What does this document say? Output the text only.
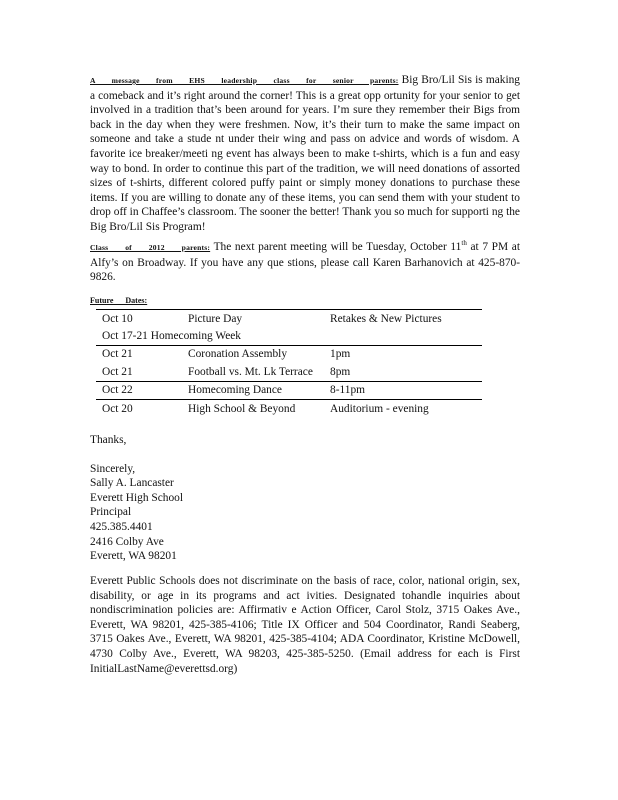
A message from EHS leadership class for senior parents: Big Bro/Lil Sis is making a comeback and it’s right around the corner! This is a great opp ortunity for your senior to get involved in a tradition that’s been around for years. I’m sure they remember their Bigs from back in the day when they were freshmen. Now, it’s their turn to make the same impact on someone and take a stude nt under their wing and pass on advice and words of wisdom. A favorite ice breaker/meeti ng event has always been to make t-shirts, which is a fun and easy way to bond. In order to continue this part of the tradition, we will need donations of assorted sizes of t-shirts, different colored puffy paint or simply money donations to purchase these items. If you are willing to donate any of these items, you can send them with your student to drop off in Chaffee’s classroom. The sooner the better! Thank you so much for supporti ng the Big Bro/Lil Sis Program!
Class of 2012 parents: The next parent meeting will be Tuesday, October 11th at 7 PM at Alfy’s on Broadway. If you have any que stions, please call Karen Barhanovich at 425-870-9826.
Future Dates:
Oct 10	Picture Day	Retakes & New Pictures
Oct 17-21 Homecoming Week		
Oct 21	Coronation Assembly	1pm
Oct 21	Football vs. Mt. Lk Terrace	8pm
Oct 22	Homecoming Dance	8-11pm
Oct 20	High School & Beyond	Auditorium - evening
Thanks,
Sincerely,
Sally A. Lancaster
Everett High School
Principal
425.385.4401
2416 Colby Ave
Everett, WA 98201
Everett Public Schools does not discriminate on the basis of race, color, national origin, sex, disability, or age in its programs and act ivities. Designated tohandle inquiries about nondiscrimination policies are: Affirmativ e Action Officer, Carol Stolz, 3715 Oakes Ave., Everett, WA 98201, 425-385-4106; Title IX Officer and 504 Coordinator, Randi Seaberg, 3715 Oakes Ave., Everett, WA 98201, 425-385-4104; ADA Coordinator, Kristine McDowell, 4730 Colby Ave., Everett, WA 98203, 425-385-5250. (Email address for each is First InitialLastName@everettsd.org)
